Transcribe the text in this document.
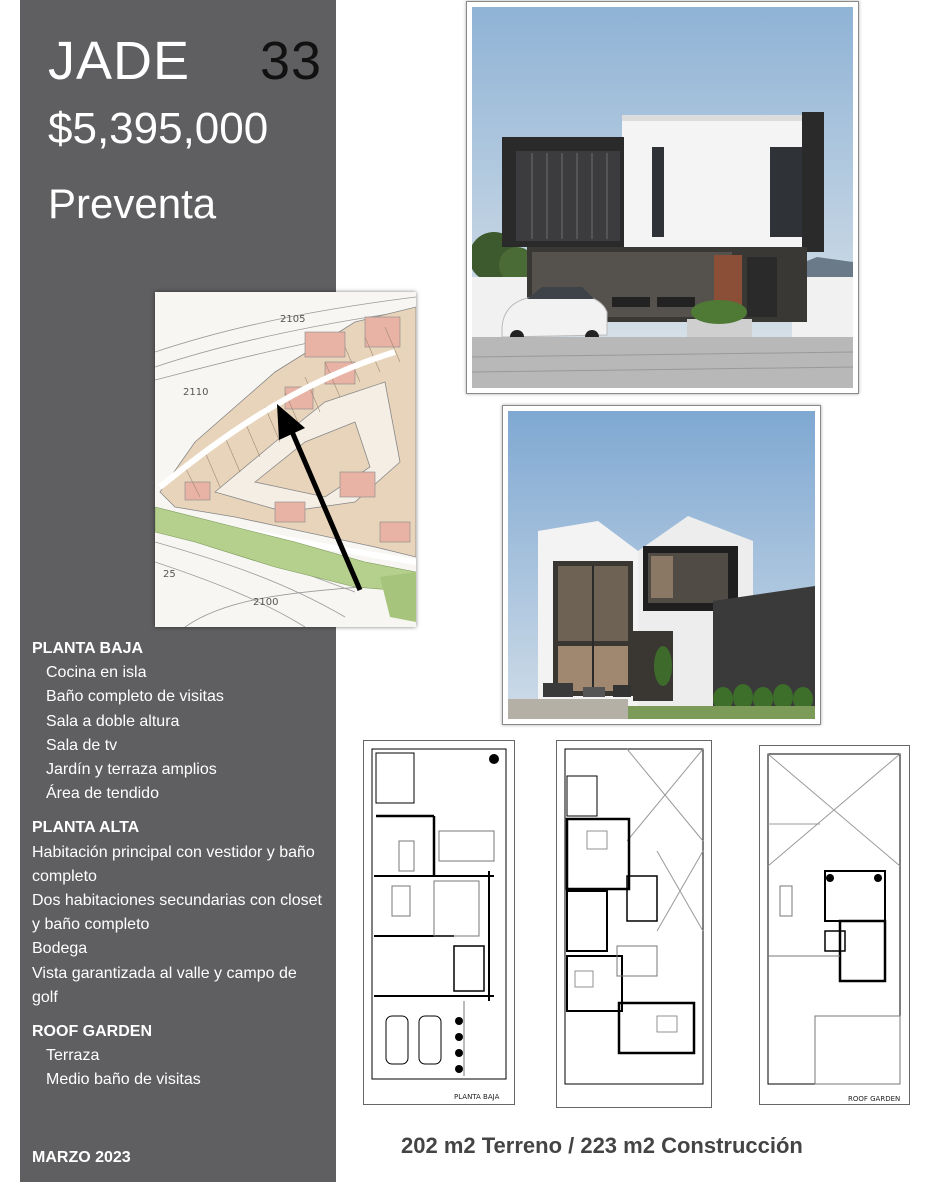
JADE 33
$5,395,000
Preventa
2105
2110
25
2100
PLANTA BAJA
Cocina en isla
Baño completo de visitas
Sala a doble altura
Sala de tv
Jardín y terraza amplios
Área de tendido
PLANTA ALTA
Habitación principal con vestidor y baño completo
Dos habitaciones secundarias con closet y baño completo
Bodega
Vista garantizada al valle y campo de golf
ROOF GARDEN
Terraza
Medio baño de visitas
MARZO 2023
PLANTA BAJA	ROOF GARDEN
202 m2 Terreno / 223 m2 Construcción
